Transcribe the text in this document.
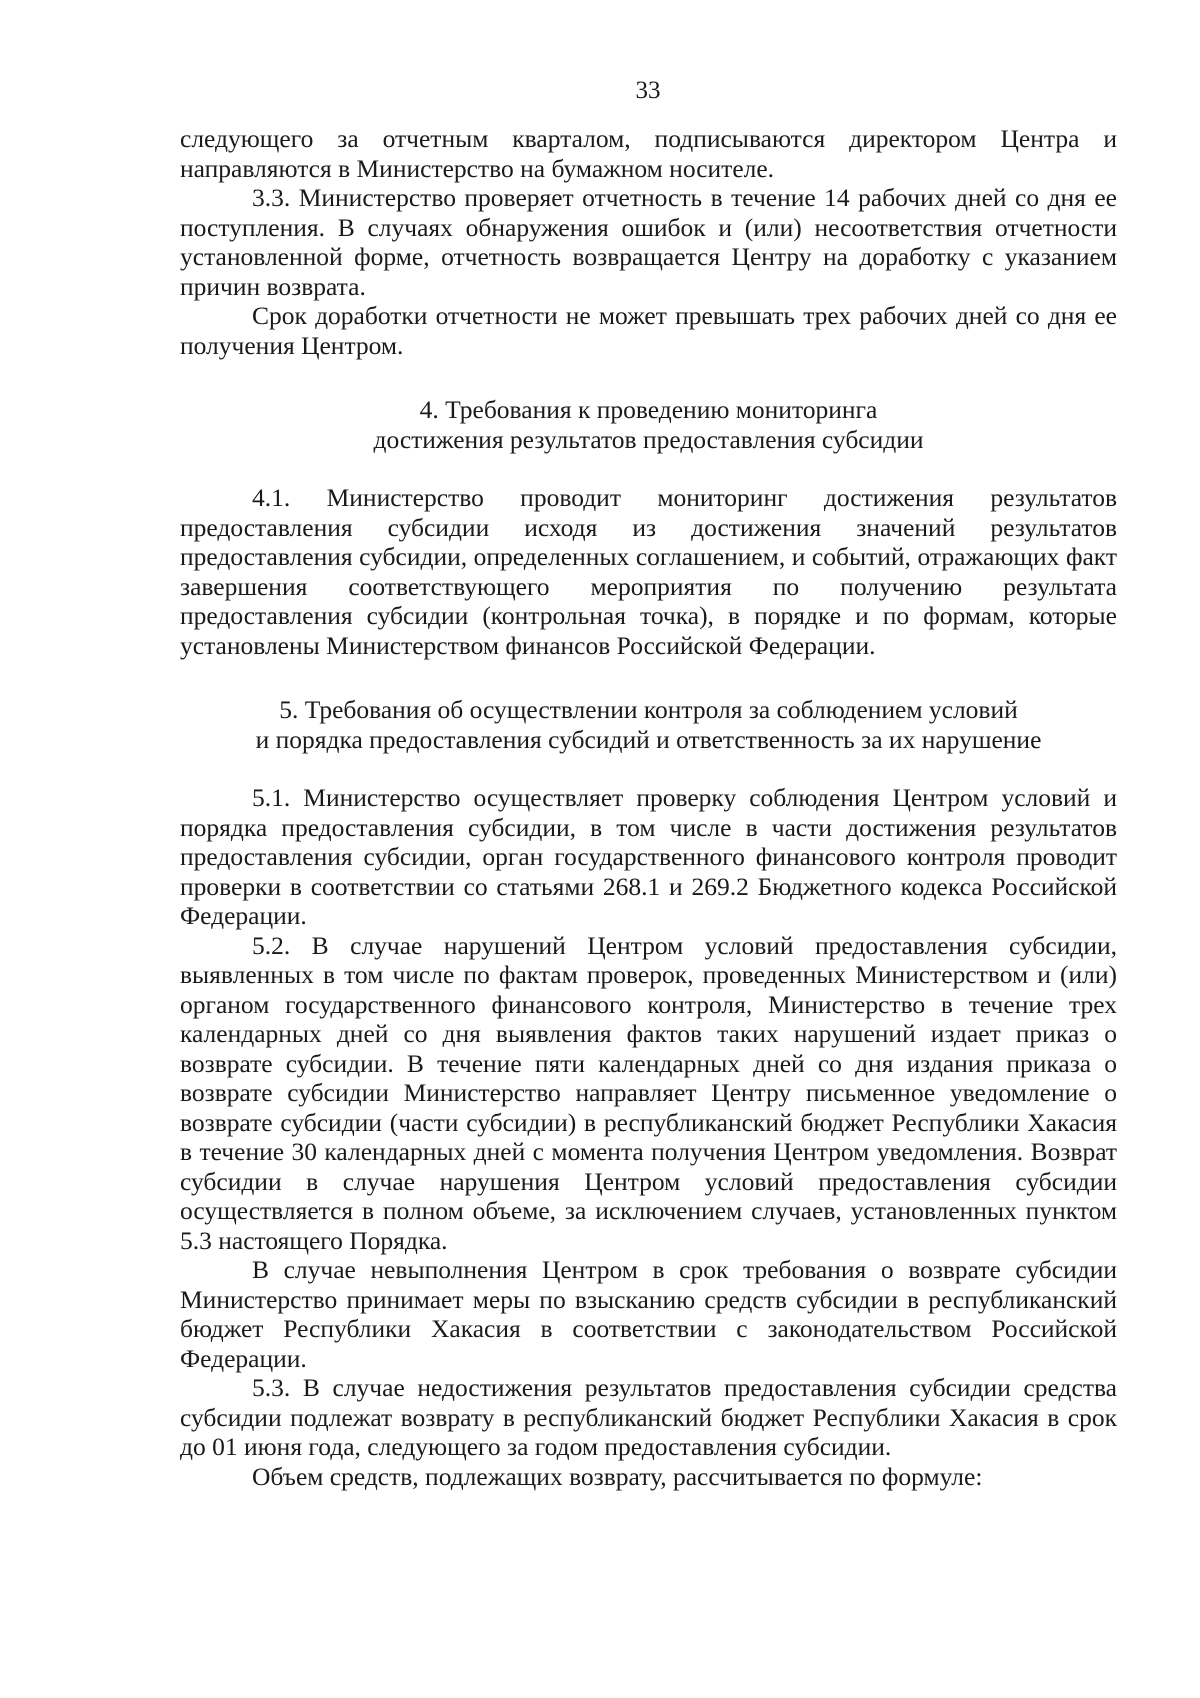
33

следующего за отчетным кварталом, подписываются директором Центра и направляются в Министерство на бумажном носителе.

3.3. Министерство проверяет отчетность в течение 14 рабочих дней со дня ее поступления. В случаях обнаружения ошибок и (или) несоответствия отчетности установленной форме, отчетность возвращается Центру на доработку с указанием причин возврата.

Срок доработки отчетности не может превышать трех рабочих дней со дня ее получения Центром.

4. Требования к проведению мониторинга
достижения результатов предоставления субсидии

4.1. Министерство проводит мониторинг достижения результатов предоставления субсидии исходя из достижения значений результатов предоставления субсидии, определенных соглашением, и событий, отражающих факт завершения соответствующего мероприятия по получению результата предоставления субсидии (контрольная точка), в порядке и по формам, которые установлены Министерством финансов Российской Федерации.

5. Требования об осуществлении контроля за соблюдением условий
и порядка предоставления субсидий и ответственность за их нарушение

5.1. Министерство осуществляет проверку соблюдения Центром условий и порядка предоставления субсидии, в том числе в части достижения результатов предоставления субсидии, орган государственного финансового контроля проводит проверки в соответствии со статьями 268.1 и 269.2 Бюджетного кодекса Российской Федерации.

5.2. В случае нарушений Центром условий предоставления субсидии, выявленных в том числе по фактам проверок, проведенных Министерством и (или) органом государственного финансового контроля, Министерство в течение трех календарных дней со дня выявления фактов таких нарушений издает приказ о возврате субсидии. В течение пяти календарных дней со дня издания приказа о возврате субсидии Министерство направляет Центру письменное уведомление о возврате субсидии (части субсидии) в республиканский бюджет Республики Хакасия в течение 30 календарных дней с момента получения Центром уведомления. Возврат субсидии в случае нарушения Центром условий предоставления субсидии осуществляется в полном объеме, за исключением случаев, установленных пунктом 5.3 настоящего Порядка.

В случае невыполнения Центром в срок требования о возврате субсидии Министерство принимает меры по взысканию средств субсидии в республиканский бюджет Республики Хакасия в соответствии с законодательством Российской Федерации.

5.3. В случае недостижения результатов предоставления субсидии средства субсидии подлежат возврату в республиканский бюджет Республики Хакасия в срок до 01 июня года, следующего за годом предоставления субсидии.

Объем средств, подлежащих возврату, рассчитывается по формуле:
